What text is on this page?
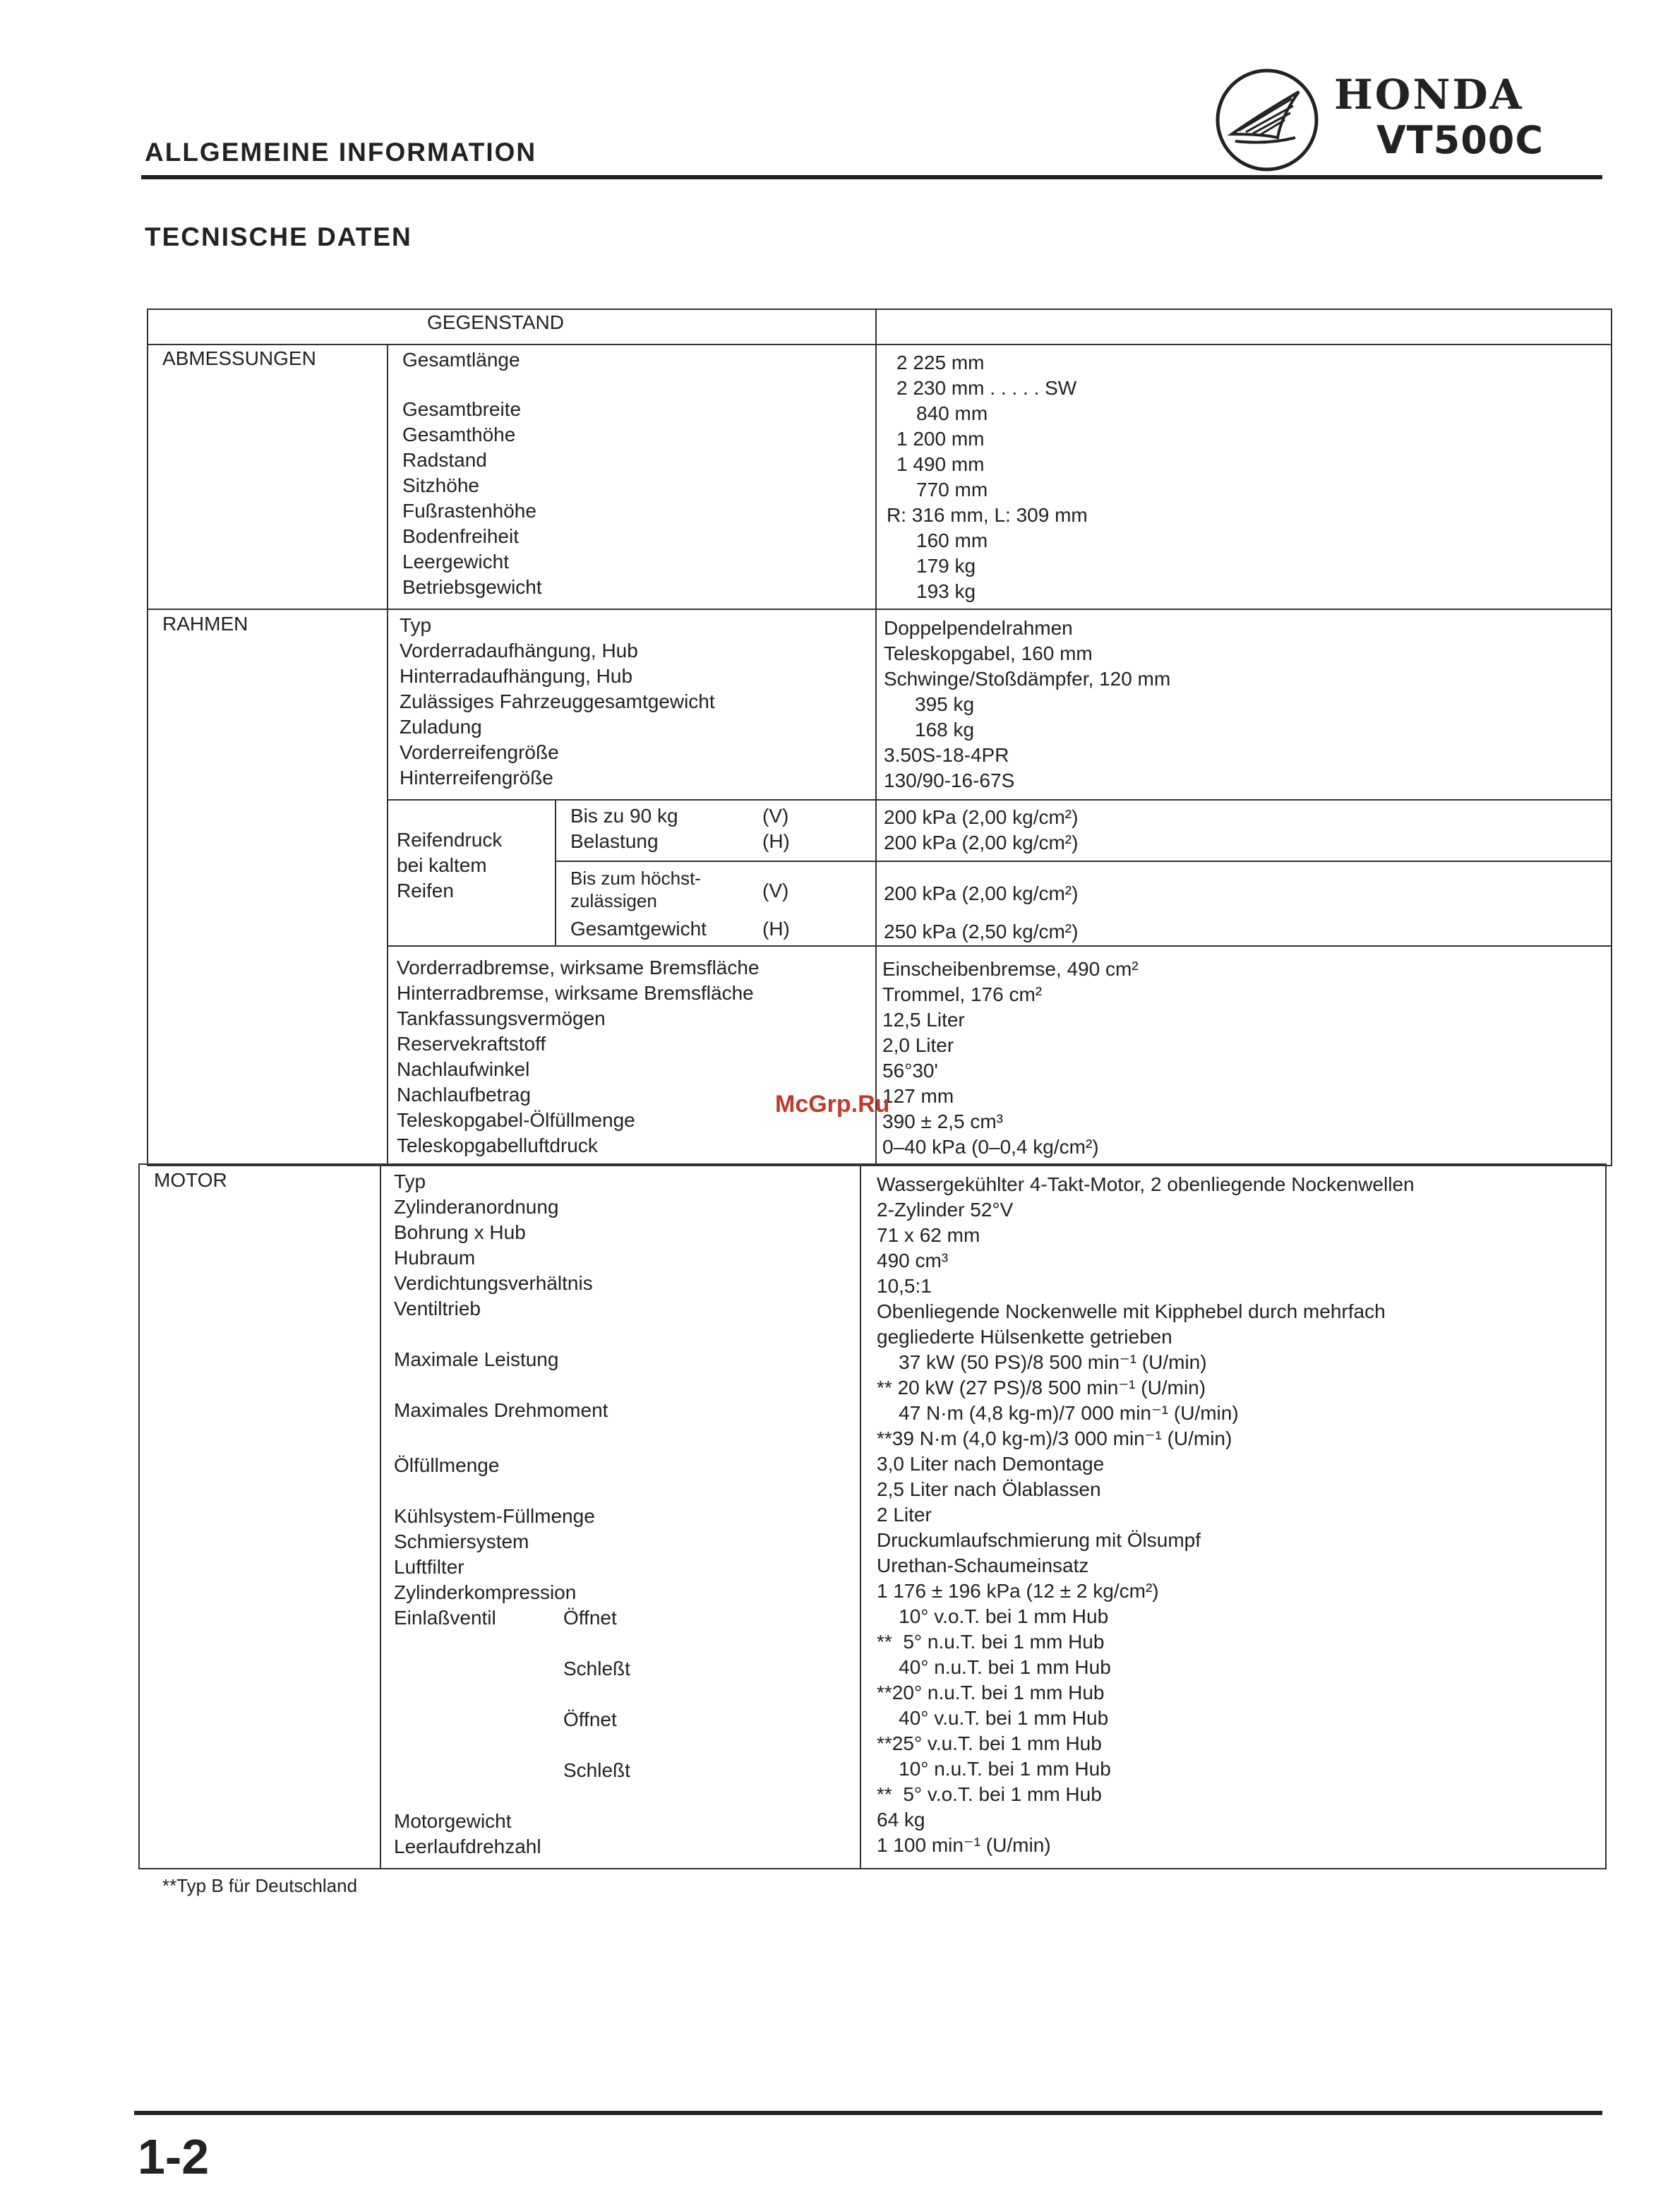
ALLGEMEINE INFORMATION
HONDA
VT500C
TECNISCHE DATEN
GEGENSTAND
ABMESSUNGEN
RAHMEN
Gesamtlänge
Gesamtbreite
Gesamthöhe
Radstand
Sitzhöhe
Fußrastenhöhe
Bodenfreiheit
Leergewicht
Betriebsgewicht
2 225 mm
2 230 mm . . . . . SW
840 mm
1 200 mm
1 490 mm
770 mm
R: 316 mm, L: 309 mm
160 mm
179 kg
193 kg
Typ
Vorderradaufhängung, Hub
Hinterradaufhängung, Hub
Zulässiges Fahrzeuggesamtgewicht
Zuladung
Vorderreifengröße
Hinterreifengröße
Doppelpendelrahmen
Teleskopgabel, 160 mm
Schwinge/Stoßdämpfer, 120 mm
395 kg
168 kg
3.50S-18-4PR
130/90-16-67S
Reifendruck
bei kaltem
Reifen
Bis zu 90 kg
Belastung
(V)
(H)
Bis zum höchst-
zulässigen
Gesamtgewicht
(V)
(H)
200 kPa (2,00 kg/cm²)
200 kPa (2,00 kg/cm²)
200 kPa (2,00 kg/cm²)
250 kPa (2,50 kg/cm²)
Vorderradbremse, wirksame Bremsfläche
Hinterradbremse, wirksame Bremsfläche
Tankfassungsvermögen
Reservekraftstoff
Nachlaufwinkel
Nachlaufbetrag
Teleskopgabel-Ölfüllmenge
Teleskopgabelluftdruck
Einscheibenbremse, 490 cm²
Trommel, 176 cm²
12,5 Liter
2,0 Liter
56°30'
127 mm
390 ± 2,5 cm³
0–40 kPa (0–0,4 kg/cm²)
MOTOR	Typ
Zylinderanordnung
Bohrung x Hub
Hubraum
Verdichtungsverhältnis
Ventiltrieb
Maximale Leistung
Maximales Drehmoment
Ölfüllmenge
Kühlsystem-Füllmenge
Schmiersystem
Luftfilter
Zylinderkompression
Einlaßventil	Öffnet
Schleßt
Öffnet
Schleßt
Motorgewicht
Leerlaufdrehzahl
Wassergekühlter 4-Takt-Motor, 2 obenliegende Nockenwellen
2-Zylinder 52°V
71 x 62 mm
490 cm³
10,5:1
Obenliegende Nockenwelle mit Kipphebel durch mehrfach
gegliederte Hülsenkette getrieben
37 kW (50 PS)/8 500 min⁻¹ (U/min)
** 20 kW (27 PS)/8 500 min⁻¹ (U/min)
47 N·m (4,8 kg-m)/7 000 min⁻¹ (U/min)
**39 N·m (4,0 kg-m)/3 000 min⁻¹ (U/min)
3,0 Liter nach Demontage
2,5 Liter nach Ölablassen
2 Liter
Druckumlaufschmierung mit Ölsumpf
Urethan-Schaumeinsatz
1 176 ± 196 kPa (12 ± 2 kg/cm²)
10° v.o.T. bei 1 mm Hub
**  5° n.u.T. bei 1 mm Hub
40° n.u.T. bei 1 mm Hub
**20° n.u.T. bei 1 mm Hub
40° v.u.T. bei 1 mm Hub
**25° v.u.T. bei 1 mm Hub
10° n.u.T. bei 1 mm Hub
**  5° v.o.T. bei 1 mm Hub
64 kg
1 100 min⁻¹ (U/min)
**Typ B für Deutschland
McGrp.Ru
1-2
